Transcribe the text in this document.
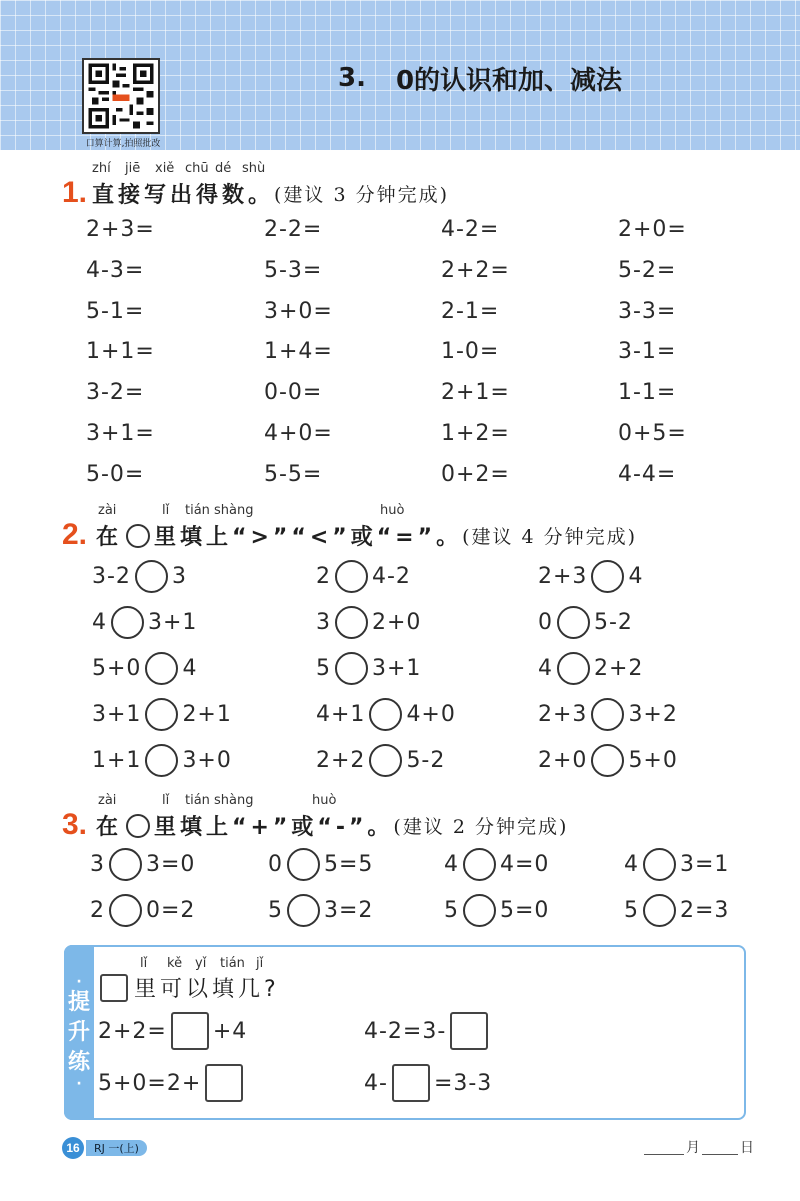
口算计算,拍照批改
3. 0的认识和加、减法
zhí jiē xiě chū dé shù
1. 直接写出得数。 (建议 3 分钟完成)
2+3=	2-2=	4-2=	2+0=
4-3=	5-3=	2+2=	5-2=
5-1=	3+0=	2-1=	3-3=
1+1=	1+4=	1-0=	3-1=
3-2=	0-0=	2+1=	1-1=
3+1=	4+0=	1+2=	0+5=
5-0=	5-5=	0+2=	4-4=
zài	lǐ tián shàng	huò
2. 在 里填上“>”“<”或“=”。 (建议 4 分钟完成)
3-2 3	2 4-2	2+3 4
4 3+1	3 2+0	0 5-2
5+0 4	5 3+1	4 2+2
3+1 2+1	4+1 4+0	2+3 3+2
1+1 3+0	2+2 5-2	2+0 5+0
zài	lǐ tián shàng	huò
3. 在 里填上“+”或“-”。 (建议 2 分钟完成)
3 3=0	0 5=5	4 4=0	4 3=1
2 0=2	5 3=2	5 5=0	5 2=3
·
提
升
练
·
lǐ kě yǐ tián jǐ
里可以填几?
2+2= +4	4-2=3-
5+0=2+	4- =3-3
16	RJ 一(上)	月	日
